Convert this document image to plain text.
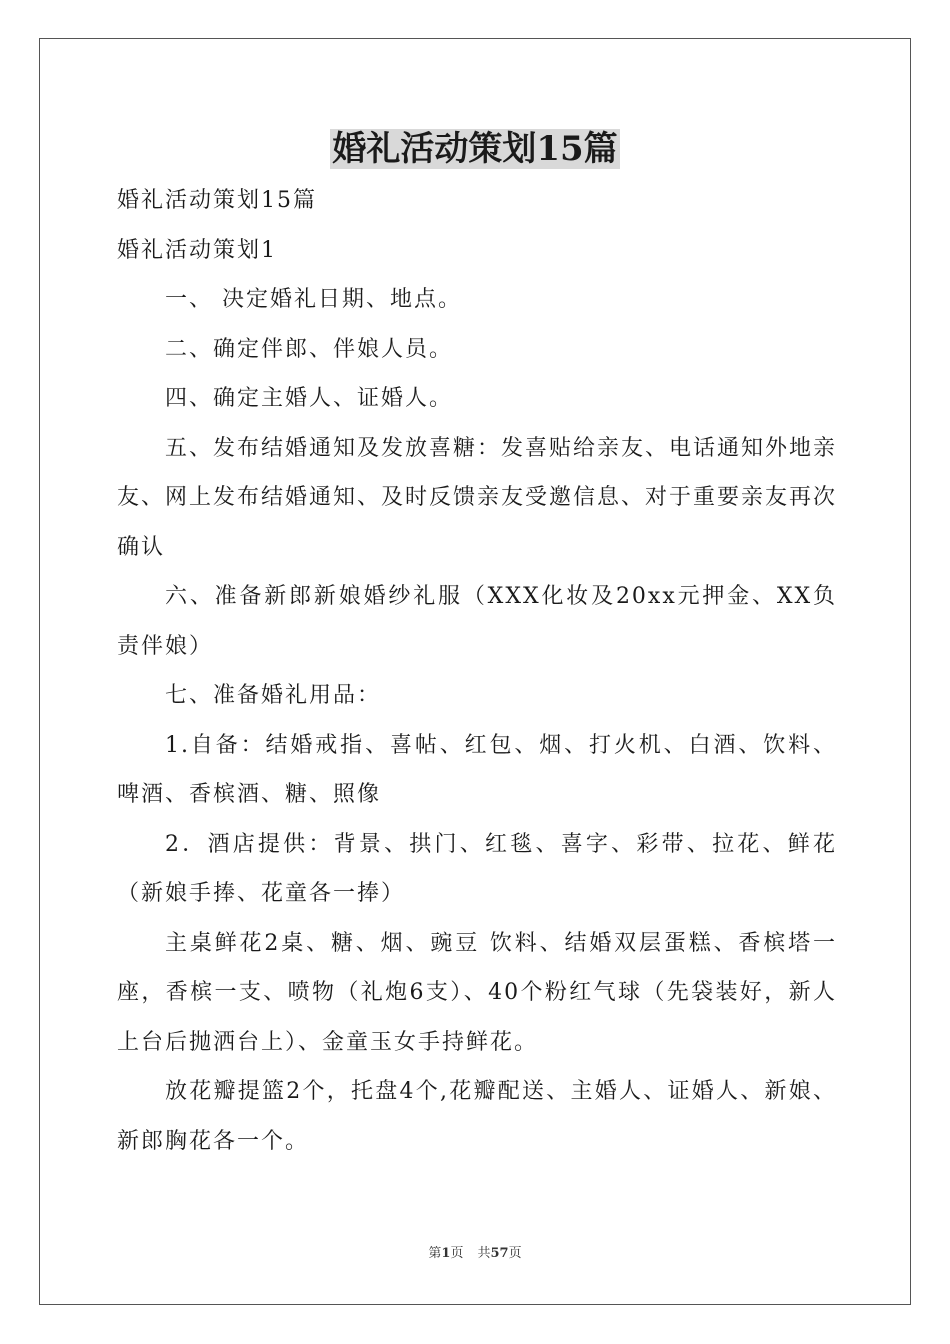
婚礼活动策划15篇

婚礼活动策划15篇

婚礼活动策划1

一、 决定婚礼日期、地点。

二、确定伴郎、伴娘人员。

四、确定主婚人、证婚人。

五、发布结婚通知及发放喜糖：发喜贴给亲友、电话通知外地亲友、网上发布结婚通知、及时反馈亲友受邀信息、对于重要亲友再次确认

六、准备新郎新娘婚纱礼服（XXX化妆及20xx元押金、XX负责伴娘）

七、准备婚礼用品：

1.自备：结婚戒指、喜帖、红包、烟、打火机、白酒、饮料、啤酒、香槟酒、糖、照像

2．酒店提供：背景、拱门、红毯、喜字、彩带、拉花、鲜花（新娘手捧、花童各一捧）

主桌鲜花2桌、糖、烟、豌豆 饮料、结婚双层蛋糕、香槟塔一座，香槟一支、喷物（礼炮6支）、40个粉红气球（先袋装好，新人上台后抛洒台上）、金童玉女手持鲜花。

放花瓣提篮2个，托盘4个,花瓣配送、主婚人、证婚人、新娘、新郎胸花各一个。

第1页 共57页
